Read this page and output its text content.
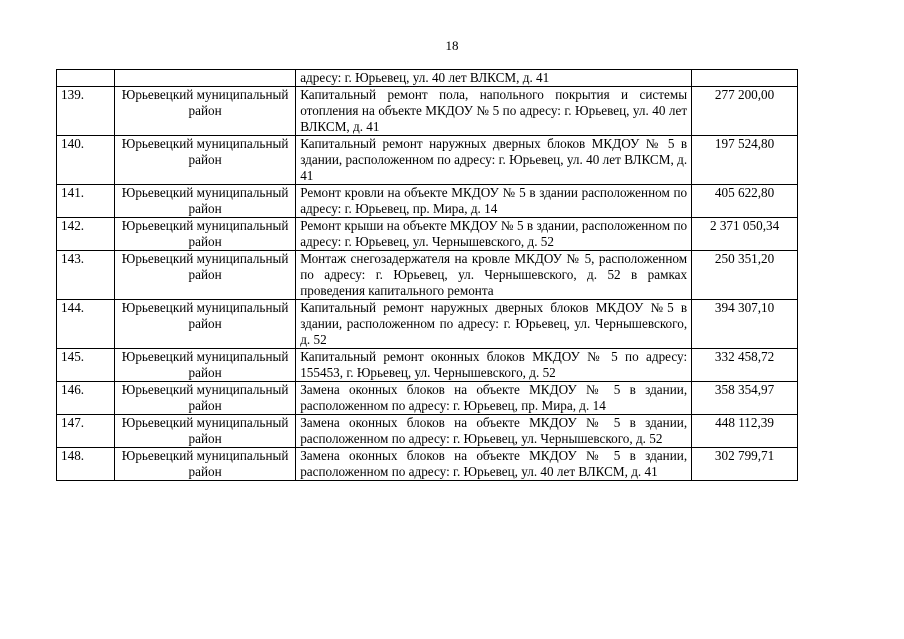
18
		адресу: г. Юрьевец, ул. 40 лет ВЛКСМ, д. 41	
139.	Юрьевецкий муниципальный район	Капитальный ремонт пола, напольного покрытия и системы отопления на объекте МКДОУ № 5 по адресу: г. Юрьевец, ул. 40 лет ВЛКСМ, д. 41	277 200,00
140.	Юрьевецкий муниципальный район	Капитальный ремонт наружных дверных блоков МКДОУ № 5 в здании, расположенном по адресу: г. Юрьевец, ул. 40 лет ВЛКСМ, д. 41	197 524,80
141.	Юрьевецкий муниципальный район	Ремонт кровли на объекте МКДОУ № 5 в здании расположенном по адресу: г. Юрьевец, пр. Мира, д. 14	405 622,80
142.	Юрьевецкий муниципальный район	Ремонт крыши на объекте МКДОУ № 5 в здании, расположенном по адресу: г. Юрьевец, ул. Чернышевского, д. 52	2 371 050,34
143.	Юрьевецкий муниципальный район	Монтаж снегозадержателя на кровле МКДОУ № 5, расположенном по адресу: г. Юрьевец, ул. Чернышевского, д. 52 в рамках проведения капитального ремонта	250 351,20
144.	Юрьевецкий муниципальный район	Капитальный ремонт наружных дверных блоков МКДОУ №5 в здании, расположенном по адресу: г. Юрьевец, ул. Чернышевского, д. 52	394 307,10
145.	Юрьевецкий муниципальный район	Капитальный ремонт оконных блоков МКДОУ № 5 по адресу: 155453, г. Юрьевец, ул. Чернышевского, д. 52	332 458,72
146.	Юрьевецкий муниципальный район	Замена оконных блоков на объекте МКДОУ № 5 в здании, расположенном по адресу: г. Юрьевец, пр. Мира, д. 14	358 354,97
147.	Юрьевецкий муниципальный район	Замена оконных блоков на объекте МКДОУ № 5 в здании, расположенном по адресу: г. Юрьевец, ул. Чернышевского, д. 52	448 112,39
148.	Юрьевецкий муниципальный район	Замена оконных блоков на объекте МКДОУ № 5 в здании, расположенном по адресу: г. Юрьевец, ул. 40 лет ВЛКСМ, д. 41	302 799,71
